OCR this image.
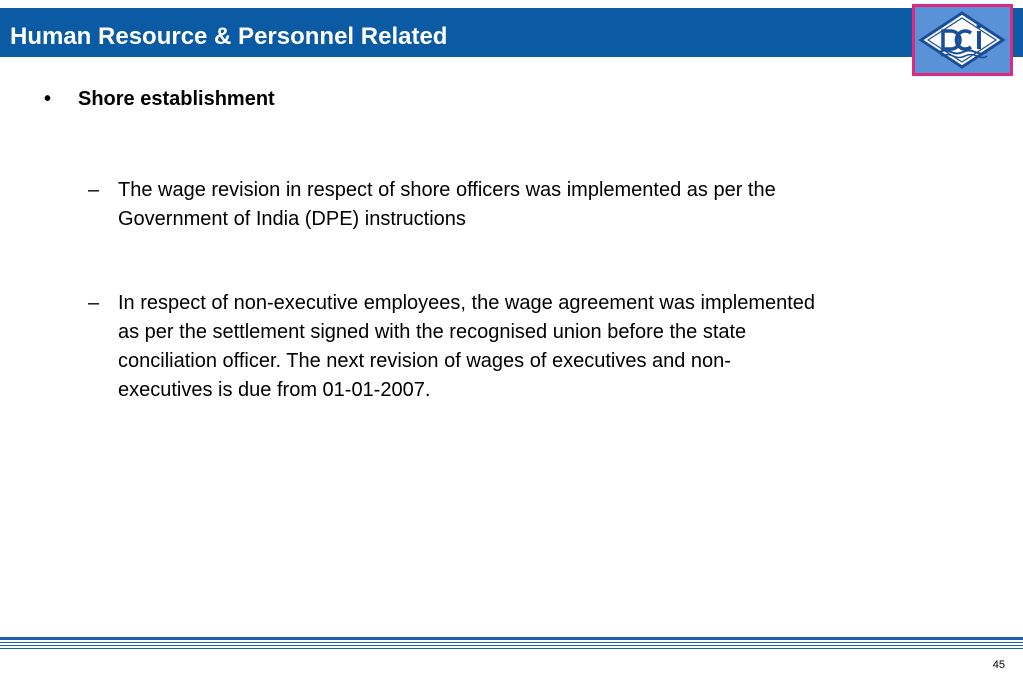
Human Resource & Personnel Related
•	Shore establishment
– The wage revision in respect of shore officers was implemented as per the
Government of India (DPE) instructions
– In respect of non-executive employees, the wage agreement was implemented
as per the settlement signed with the recognised union before the state
conciliation officer. The next revision of wages of executives and non-
executives is due from 01-01-2007.
45
